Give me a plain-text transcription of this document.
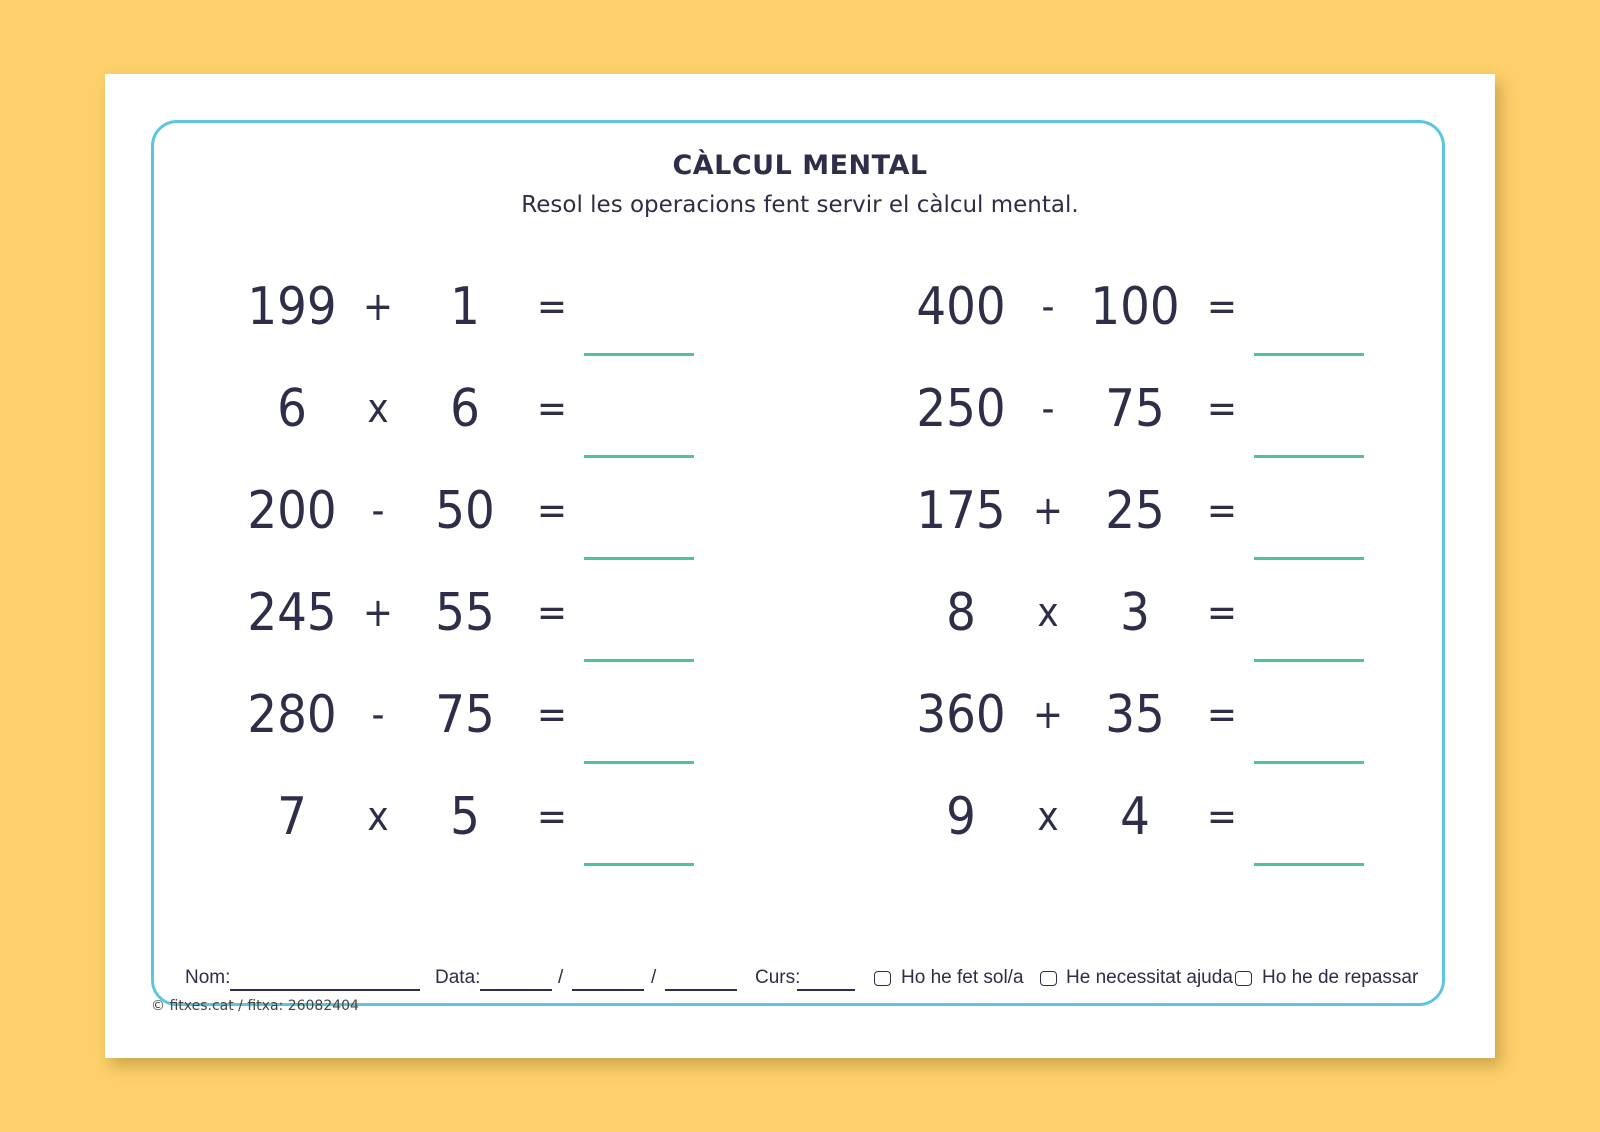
CÀLCUL MENTAL
Resol les operacions fent servir el càlcul mental.
199 + 1 =
6 x 6 =
200 - 50 =
245 + 55 =
280 - 75 =
7 x 5 =
400 - 100 =
250 - 75 =
175 + 25 =
8 x 3 =
360 + 35 =
9 x 4 =
Nom:	Data:	/	/	Curs:	Ho he fet sol/a He necessitat ajuda Ho he de repassar
© fitxes.cat / fitxa: 26082404
